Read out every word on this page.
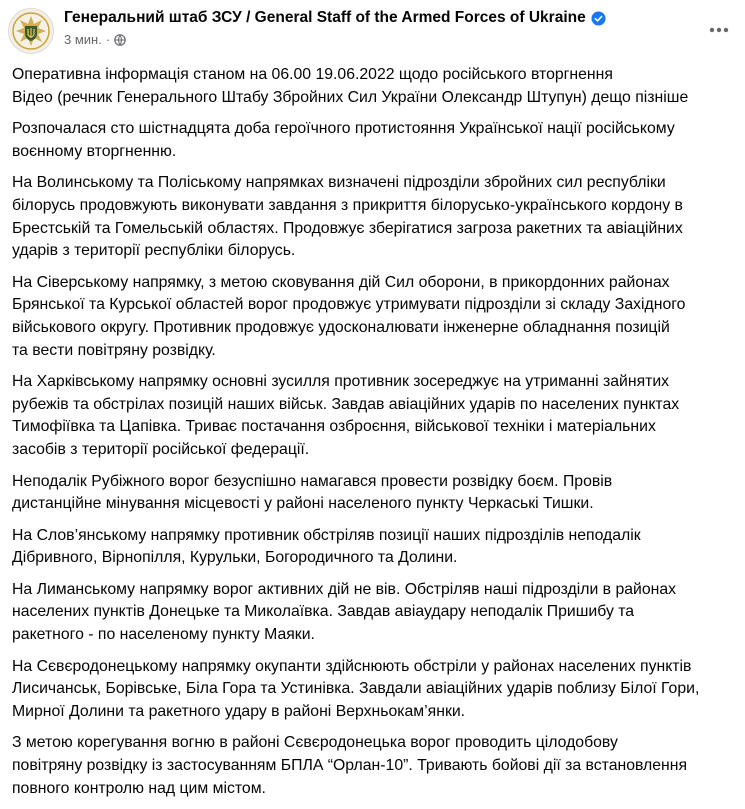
Генеральний штаб ЗСУ / General Staff of the Armed Forces of Ukraine
3 мин. ·

Оперативна інформація станом на 06.00 19.06.2022 щодо російського вторгнення
Відео (речник Генерального Штабу Збройних Сил України Олександр Штупун) дещо пізніше

Розпочалася сто шістнадцята доба героїчного протистояння Української нації російському
воєнному вторгненню.

На Волинському та Поліському напрямках визначені підрозділи збройних сил республіки
білорусь продовжують виконувати завдання з прикриття білорусько-українського кордону в
Брестській та Гомельській областях. Продовжує зберігатися загроза ракетних та авіаційних
ударів з території республіки білорусь.

На Сіверському напрямку, з метою сковування дій Сил оборони, в прикордонних районах
Брянської та Курської областей ворог продовжує утримувати підрозділи зі складу Західного
військового округу. Противник продовжує удосконалювати інженерне обладнання позицій
та вести повітряну розвідку.

На Харківському напрямку основні зусилля противник зосереджує на утриманні зайнятих
рубежів та обстрілах позицій наших військ. Завдав авіаційних ударів по населених пунктах
Тимофіївка та Цапівка. Триває постачання озброєння, військової техніки і матеріальних
засобів з території російської федерації.

Неподалік Рубіжного ворог безуспішно намагався провести розвідку боєм. Провів
дистанційне мінування місцевості у районі населеного пункту Черкаські Тишки.

На Слов’янському напрямку противник обстріляв позиції наших підрозділів неподалік
Дібривного, Вірнопілля, Курульки, Богородичного та Долини.

На Лиманському напрямку ворог активних дій не вів. Обстріляв наші підрозділи в районах
населених пунктів Донецьке та Миколаївка. Завдав авіаудару неподалік Пришибу та
ракетного - по населеному пункту Маяки.

На Сєвєродонецькому напрямку окупанти здійснюють обстріли у районах населених пунктів
Лисичанськ, Борівське, Біла Гора та Устинівка. Завдали авіаційних ударів поблизу Білої Гори,
Мирної Долини та ракетного удару в районі Верхньокам’янки.

З метою корегування вогню в районі Сєвєродонецька ворог проводить цілодобову
повітряну розвідку із застосуванням БПЛА “Орлан-10”. Тривають бойові дії за встановлення
повного контролю над цим містом.
